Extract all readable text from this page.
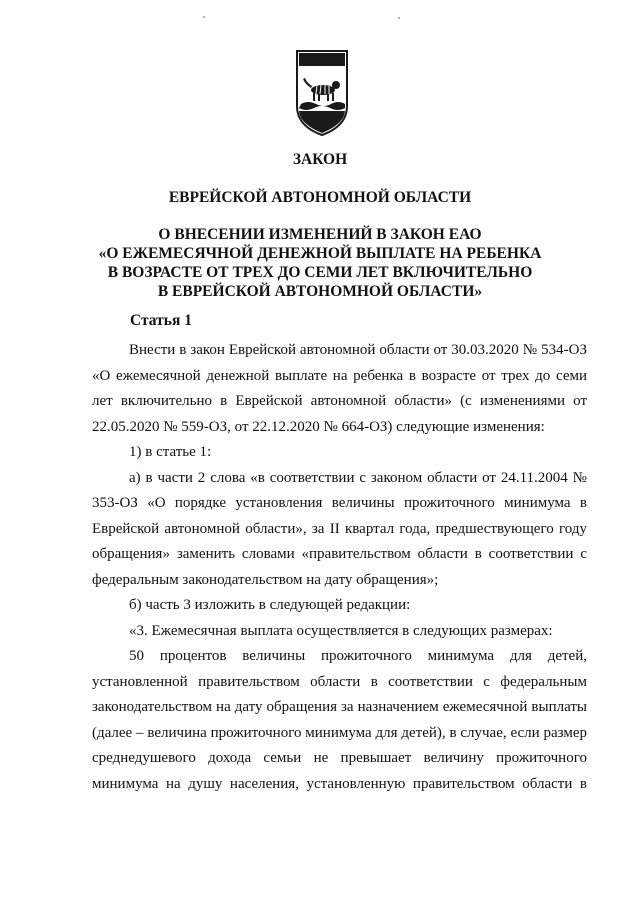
ЗАКОН
ЕВРЕЙСКОЙ АВТОНОМНОЙ ОБЛАСТИ
О ВНЕСЕНИИ ИЗМЕНЕНИЙ В ЗАКОН ЕАО
«О ЕЖЕМЕСЯЧНОЙ ДЕНЕЖНОЙ ВЫПЛАТЕ НА РЕБЕНКА
В ВОЗРАСТЕ ОТ ТРЕХ ДО СЕМИ ЛЕТ ВКЛЮЧИТЕЛЬНО
В ЕВРЕЙСКОЙ АВТОНОМНОЙ ОБЛАСТИ»
Статья 1

Внести в закон Еврейской автономной области от 30.03.2020 № 534-ОЗ

«О ежемесячной денежной выплате на ребенка в возрасте от трех до семи лет включительно в Еврейской автономной области» (с изменениями от 22.05.2020 № 559-ОЗ, от 22.12.2020 № 664-ОЗ) следующие изменения:

1) в статье 1:

а) в части 2 слова «в соответствии с законом области от 24.11.2004 № 353-ОЗ «О порядке установления величины прожиточного минимума в Еврейской автономной области», за II квартал года, предшествующего году обращения» заменить словами «правительством области в соответствии с федеральным законодательством на дату обращения»;

б) часть 3 изложить в следующей редакции:

«3. Ежемесячная выплата осуществляется в следующих размерах:

50 процентов величины прожиточного минимума для детей, установленной правительством области в соответствии с федеральным законодательством на дату обращения за назначением ежемесячной выплаты (далее – величина прожиточного минимума для детей), в случае, если размер среднедушевого дохода семьи не превышает величину прожиточного минимума на душу населения, установленную правительством области в
